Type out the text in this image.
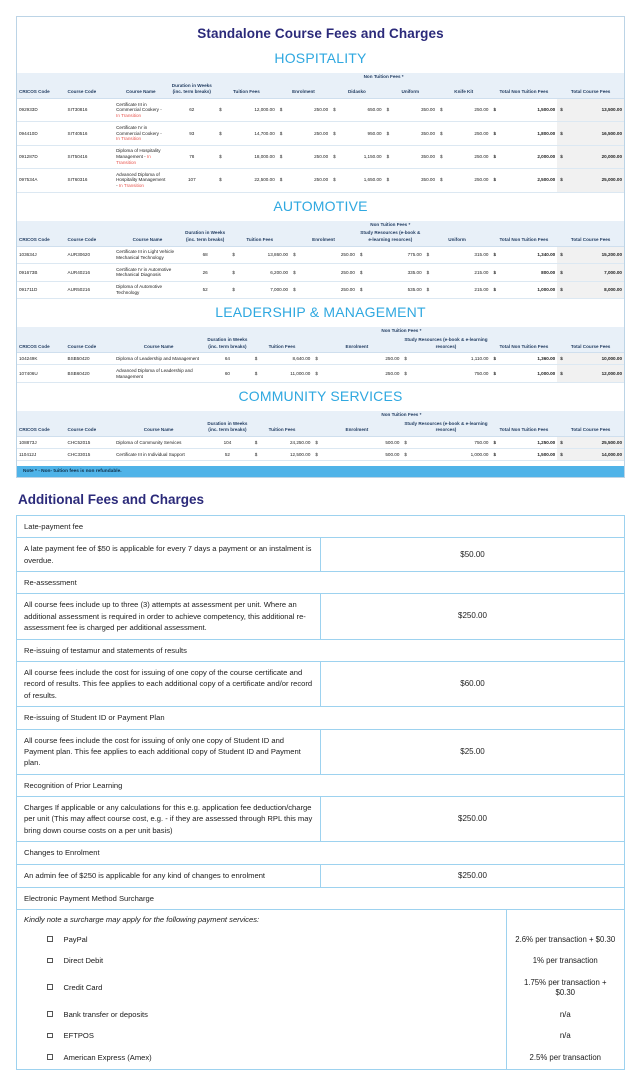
Standalone Course Fees and Charges
HOSPITALITY
					Non Tuition Fees *					
CRICOS Code	Course Code	Course Name	Duration in Weeks (inc. term breaks)	Tuition Fees	Enrolment	Didasko	Uniform	Knife Kit	Total Non Tuition Fees	Total Course Fees
092933D	SIT30816	Certificate III in Commercial Cookery - In Transition	62	$ 12,000.00	$ 250.00	$ 650.00	$ 350.00	$ 250.00	$ 1,500.00	$ 13,500.00
094410D	SIT40516	Certificate IV in Commercial Cookery - In Transition	93	$ 14,700.00	$ 250.00	$ 950.00	$ 350.00	$ 250.00	$ 1,800.00	$ 16,500.00
091287D	SIT50416	Diploma of Hospitality Management - In Transition	78	$ 18,000.00	$ 250.00	$ 1,150.00	$ 350.00	$ 250.00	$ 2,000.00	$ 20,000.00
097534A	SIT60316	Advanced Diploma of Hospitality Management - In Transition	107	$ 22,500.00	$ 250.00	$ 1,650.00	$ 350.00	$ 250.00	$ 2,500.00	$ 25,000.00
AUTOMOTIVE
					Non Tuition Fees *				
CRICOS Code	Course Code	Course Name	Duration in Weeks (inc. term breaks)	Tuition Fees	Enrolment	Study Resources (e-book & e-learning resorces)	Uniform	Total Non Tuition Fees	Total Course Fees
103634J	AUR30620	Certificate III in Light Vehicle Mechanical Technology	68	$ 13,860.00	$ 250.00	$ 775.00	$ 315.00	$ 1,340.00	$ 15,200.00
091673B	AUR40216	Certificate IV in Automotive Mechanical Diagnosis	26	$ 6,200.00	$ 250.00	$ 335.00	$ 215.00	$ 800.00	$ 7,000.00
091711D	AUR50216	Diploma of Automotive Technology	52	$ 7,000.00	$ 250.00	$ 535.00	$ 215.00	$ 1,000.00	$ 8,000.00
LEADERSHIP & MANAGEMENT
					Non Tuition Fees *			
CRICOS Code	Course Code	Course Name	Duration in Weeks (inc. term breaks)	Tuition Fees	Enrolment	Study Resources (e-book & e-learning resorces)	Total Non Tuition Fees	Total Course Fees
104249K	BSB50420	Diploma of Leadership and Management	64	$ 8,640.00	$ 250.00	$ 1,110.00	$ 1,360.00	$ 10,000.00
107406U	BSB60420	Advanced Diploma of Leadership and Management	60	$ 11,000.00	$ 250.00	$ 750.00	$ 1,000.00	$ 12,000.00
COMMUNITY SERVICES
					Non Tuition Fees *			
CRICOS Code	Course Code	Course Name	Duration in Weeks (inc. term breaks)	Tuition Fees	Enrolment	Study Resources (e-book & e-learning resorces)	Total Non Tuition Fees	Total Course Fees
108873J	CHC52015	Diploma of Community Services	104	$ 24,250.00	$ 500.00	$ 750.00	$ 1,250.00	$ 25,500.00
110412J	CHC33015	Certificate III in Individual Support	52	$ 12,500.00	$ 500.00	$ 1,000.00	$ 1,500.00	$ 14,000.00
Note * - Non- tuition fees is non refundable.
Additional Fees and Charges
Late-payment fee	
A late payment fee of $50 is applicable for every 7 days a payment or an instalment is overdue.	$50.00
Re-assessment	
All course fees include up to three (3) attempts at assessment per unit. Where an additional assessment is required in order to achieve competency, this additional re-assessment fee is charged per additional assessment.	$250.00
Re-issuing of testamur and statements of results	
All course fees include the cost for issuing of one copy of the course certificate and record of results. This fee applies to each additional copy of a certificate and/or record of results.	$60.00
Re-issuing of Student ID or Payment Plan	
All course fees include the cost for issuing of only one copy of Student ID and Payment plan. This fee applies to each additional copy of Student ID and Payment plan.	$25.00
Recognition of Prior Learning	
Charges If applicable or any calculations for this e.g. application fee deduction/charge per unit (This may affect course cost, e.g. - if they are assessed through RPL this may bring down course costs on a per unit basis)	$250.00
Changes to Enrolment	
An admin fee of $250 is applicable for any kind of changes to enrolment	$250.00
Electronic Payment Method Surcharge	
Kindly note a surcharge may apply for the following payment services:
PayPal	2.6% per transaction + $0.30
Direct Debit	1% per transaction
Credit Card	1.75% per transaction + $0.30
Bank transfer or deposits	n/a
EFTPOS	n/a
American Express (Amex)	2.5% per transaction
